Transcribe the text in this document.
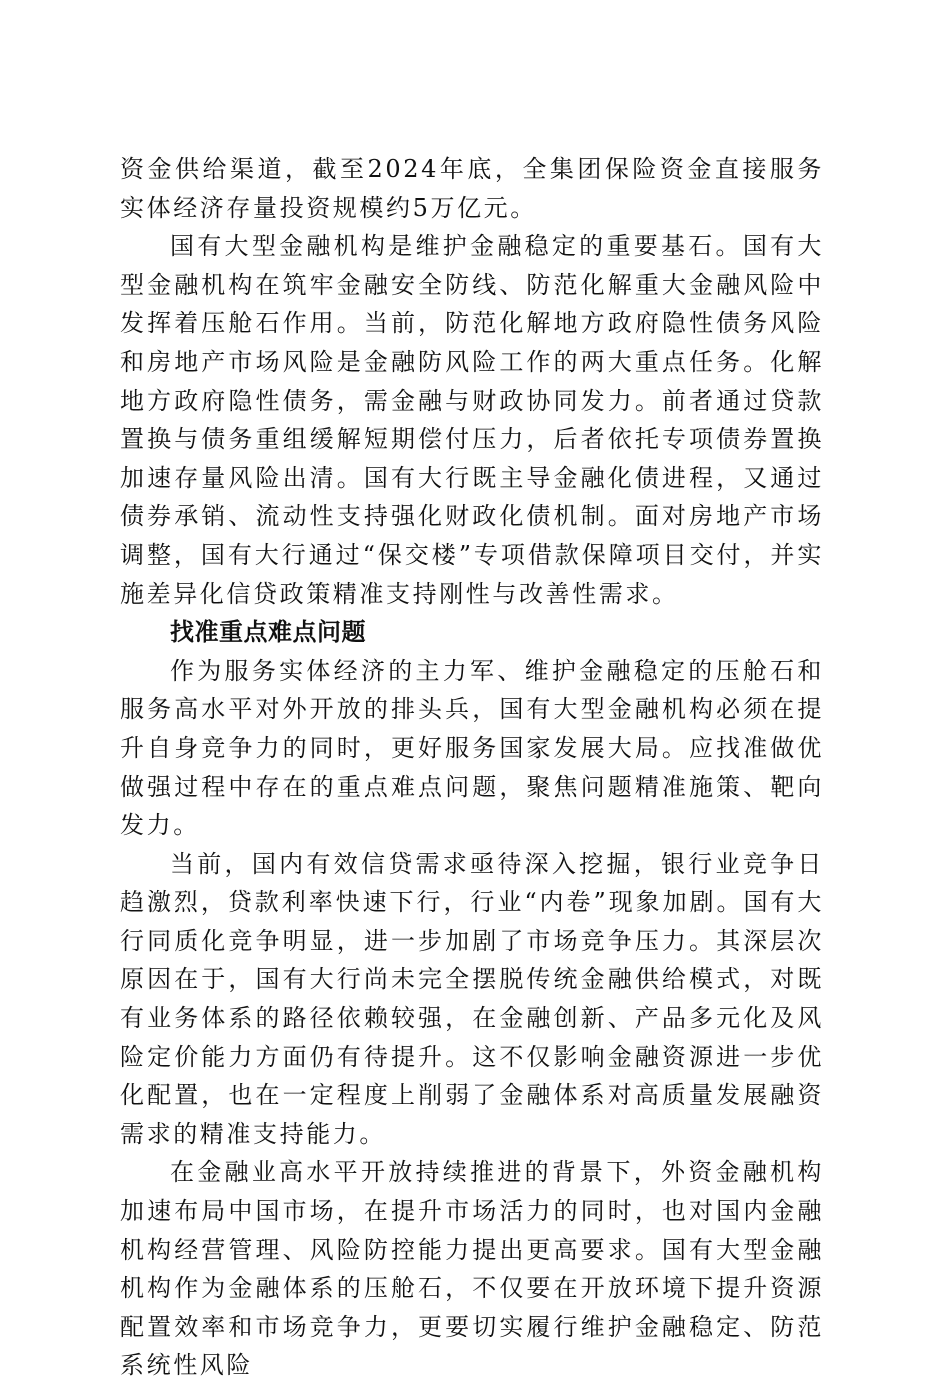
资金供给渠道，截至2024年底，全集团保险资金直接服务实体经济存量投资规模约5万亿元。

国有大型金融机构是维护金融稳定的重要基石。国有大型金融机构在筑牢金融安全防线、防范化解重大金融风险中发挥着压舱石作用。当前，防范化解地方政府隐性债务风险和房地产市场风险是金融防风险工作的两大重点任务。化解地方政府隐性债务，需金融与财政协同发力。前者通过贷款置换与债务重组缓解短期偿付压力，后者依托专项债券置换加速存量风险出清。国有大行既主导金融化债进程，又通过债券承销、流动性支持强化财政化债机制。面对房地产市场调整，国有大行通过“保交楼”专项借款保障项目交付，并实施差异化信贷政策精准支持刚性与改善性需求。

找准重点难点问题

作为服务实体经济的主力军、维护金融稳定的压舱石和服务高水平对外开放的排头兵，国有大型金融机构必须在提升自身竞争力的同时，更好服务国家发展大局。应找准做优做强过程中存在的重点难点问题，聚焦问题精准施策、靶向发力。

当前，国内有效信贷需求亟待深入挖掘，银行业竞争日趋激烈，贷款利率快速下行，行业“内卷”现象加剧。国有大行同质化竞争明显，进一步加剧了市场竞争压力。其深层次原因在于，国有大行尚未完全摆脱传统金融供给模式，对既有业务体系的路径依赖较强，在金融创新、产品多元化及风险定价能力方面仍有待提升。这不仅影响金融资源进一步优化配置，也在一定程度上削弱了金融体系对高质量发展融资需求的精准支持能力。

在金融业高水平开放持续推进的背景下，外资金融机构加速布局中国市场，在提升市场活力的同时，也对国内金融机构经营管理、风险防控能力提出更高要求。国有大型金融机构作为金融体系的压舱石，不仅要在开放环境下提升资源配置效率和市场竞争力，更要切实履行维护金融稳定、防范系统性风险
